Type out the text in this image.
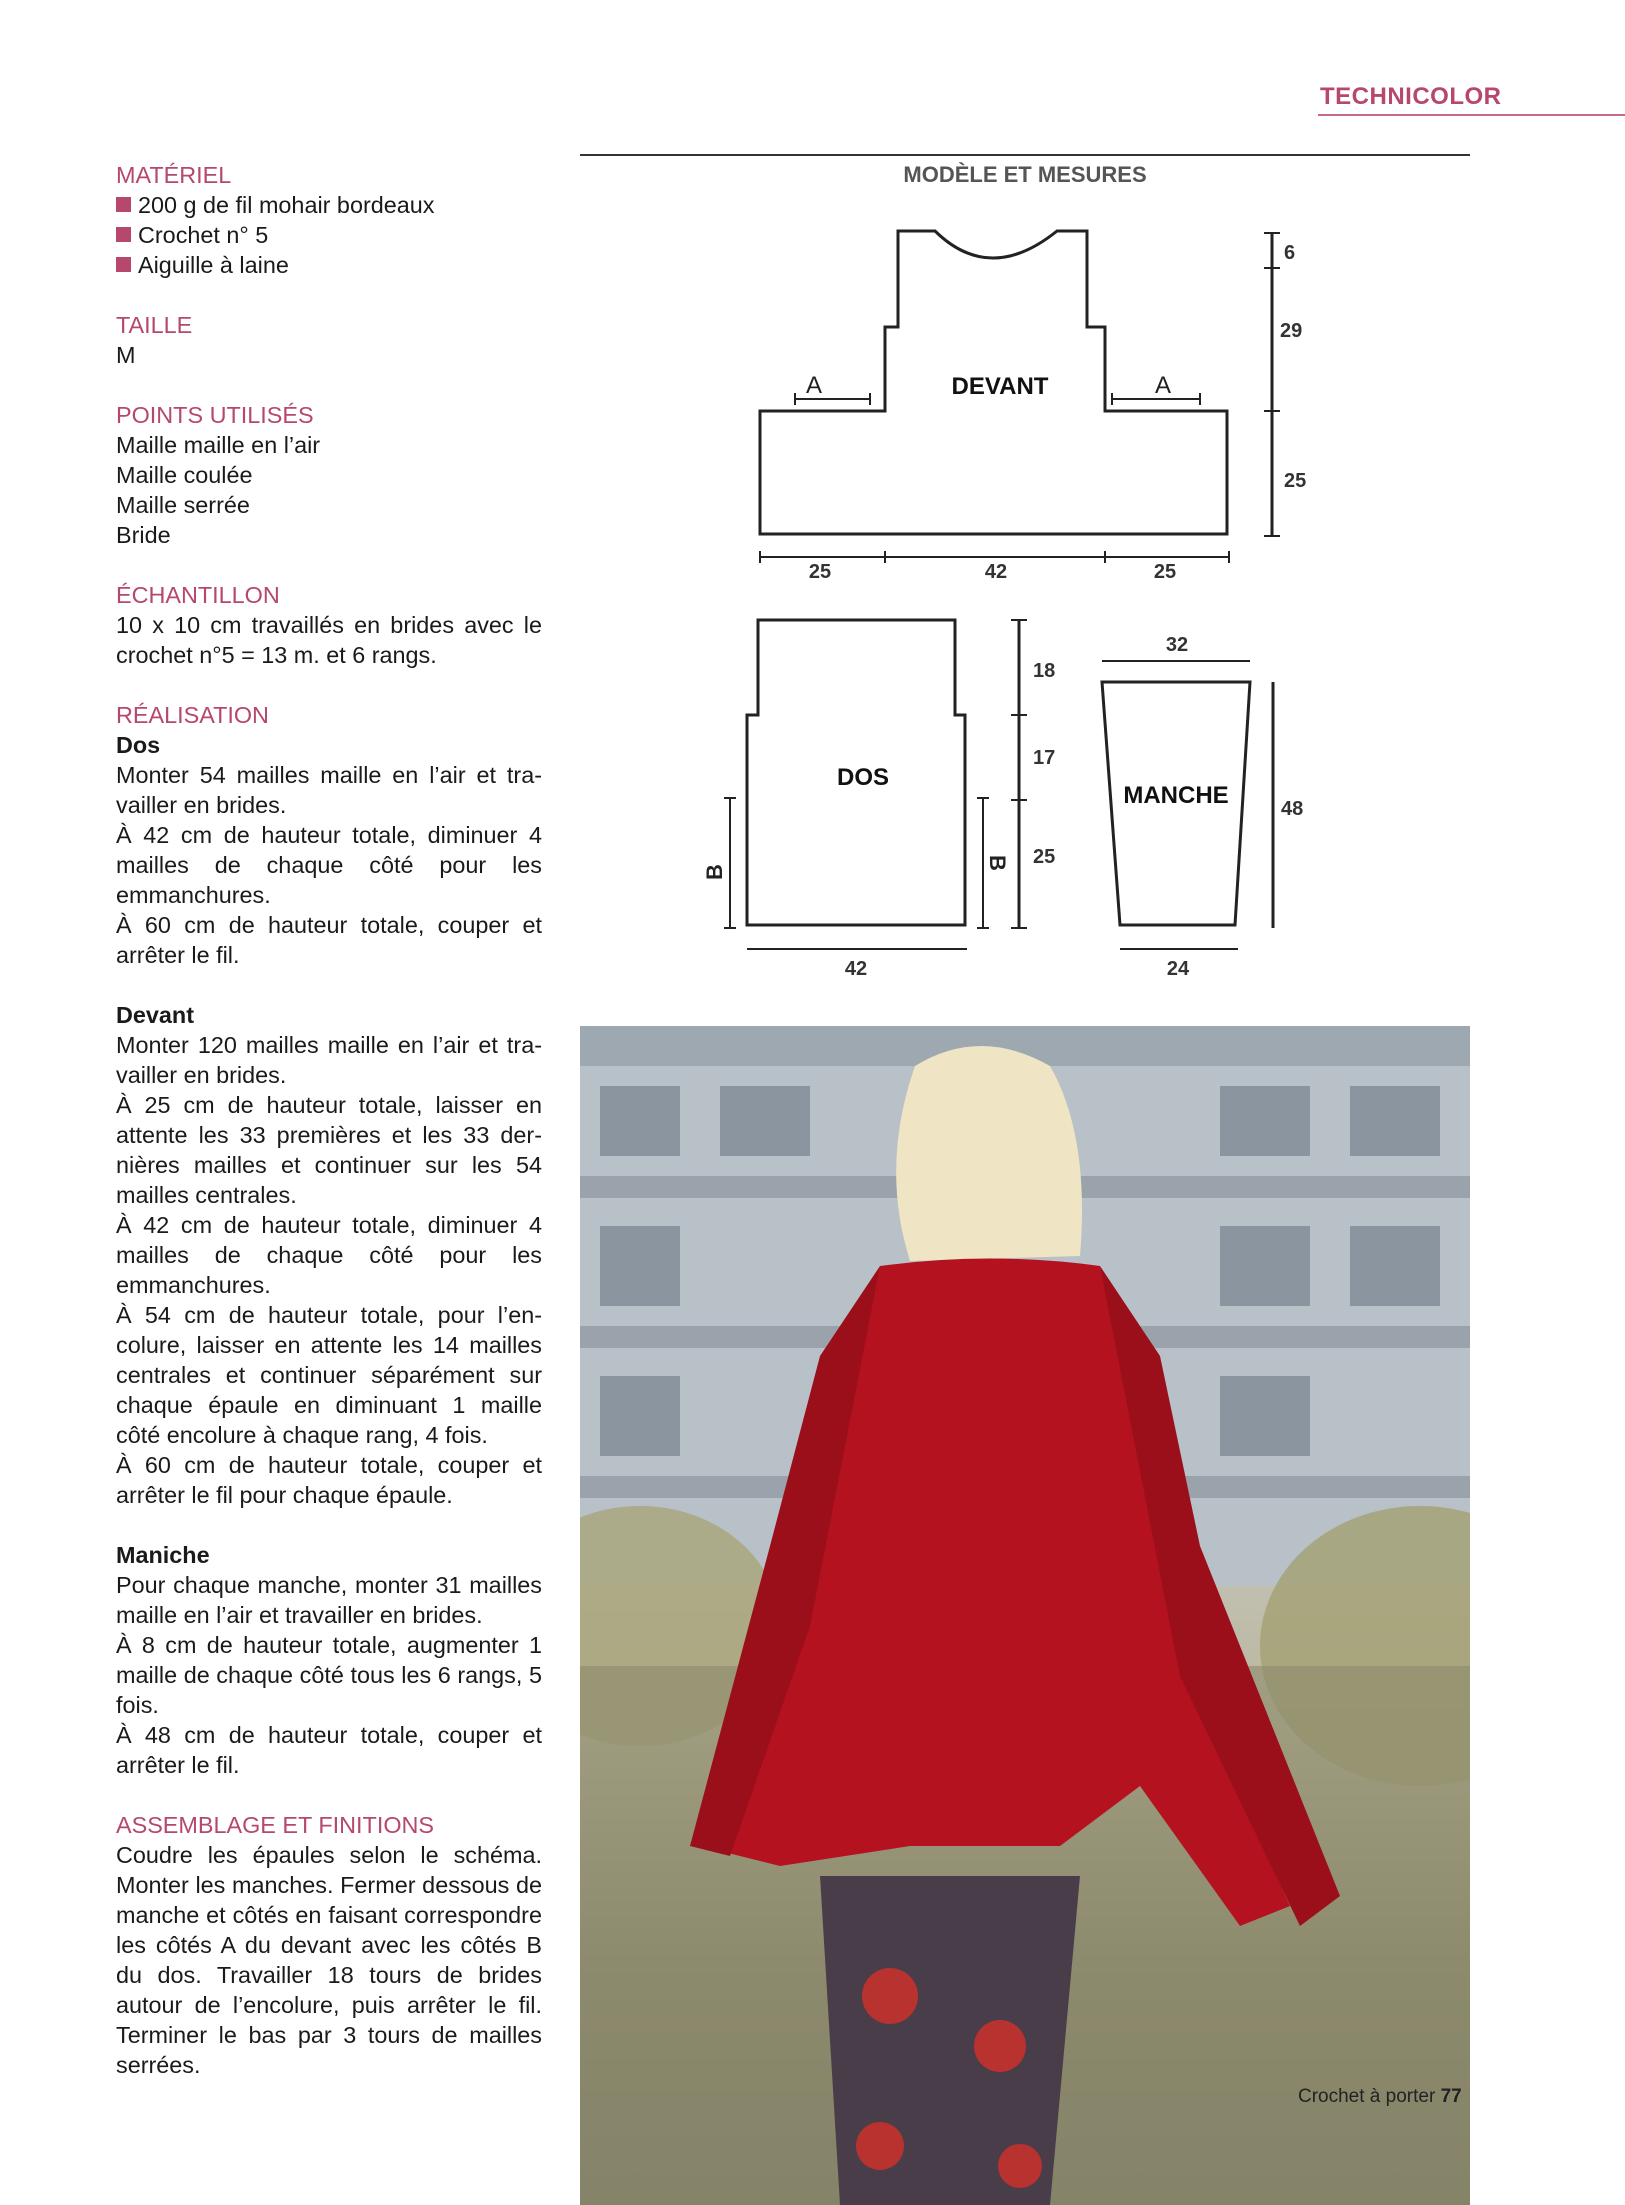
TECHNICOLOR
MATÉRIEL
200 g de fil mohair bordeaux
Crochet n° 5
Aiguille à laine
TAILLE
M
POINTS UTILISÉS
Maille maille en l’air
Maille coulée
Maille serrée
Bride
ÉCHANTILLON
10 x 10 cm travaillés en brides avec le crochet n°5 = 13 m. et 6 rangs.
RÉALISATION
Dos
Monter 54 mailles maille en l’air et tra-vailler en brides.
À 42 cm de hauteur totale, diminuer 4 mailles de chaque côté pour les emmanchures.
À 60 cm de hauteur totale, couper et arrêter le fil.
Devant
Monter 120 mailles maille en l’air et tra-vailler en brides.
À 25 cm de hauteur totale, laisser en attente les 33 premières et les 33 der-nières mailles et continuer sur les 54 mailles centrales.
À 42 cm de hauteur totale, diminuer 4 mailles de chaque côté pour les emmanchures.
À 54 cm de hauteur totale, pour l’en-colure, laisser en attente les 14 mailles centrales et continuer séparément sur chaque épaule en diminuant 1 maille côté encolure à chaque rang, 4 fois.
À 60 cm de hauteur totale, couper et arrêter le fil pour chaque épaule.
Maniche
Pour chaque manche, monter 31 mailles maille en l’air et travailler en brides.
À 8 cm de hauteur totale, augmenter 1 maille de chaque côté tous les 6 rangs, 5 fois.
À 48 cm de hauteur totale, couper et arrêter le fil.
ASSEMBLAGE ET FINITIONS
Coudre les épaules selon le schéma. Monter les manches. Fermer dessous de manche et côtés en faisant correspondre les côtés A du devant avec les côtés B du dos. Travailler 18 tours de brides autour de l’encolure, puis arrêter le fil. Terminer le bas par 3 tours de mailles serrées.
MODÈLE ET MESURES
A	A
DEVANT
6
29
25
25	42	25
DOS
B
B
18
17
25
42
MANCHE
32
48
24
Crochet à porter 77
